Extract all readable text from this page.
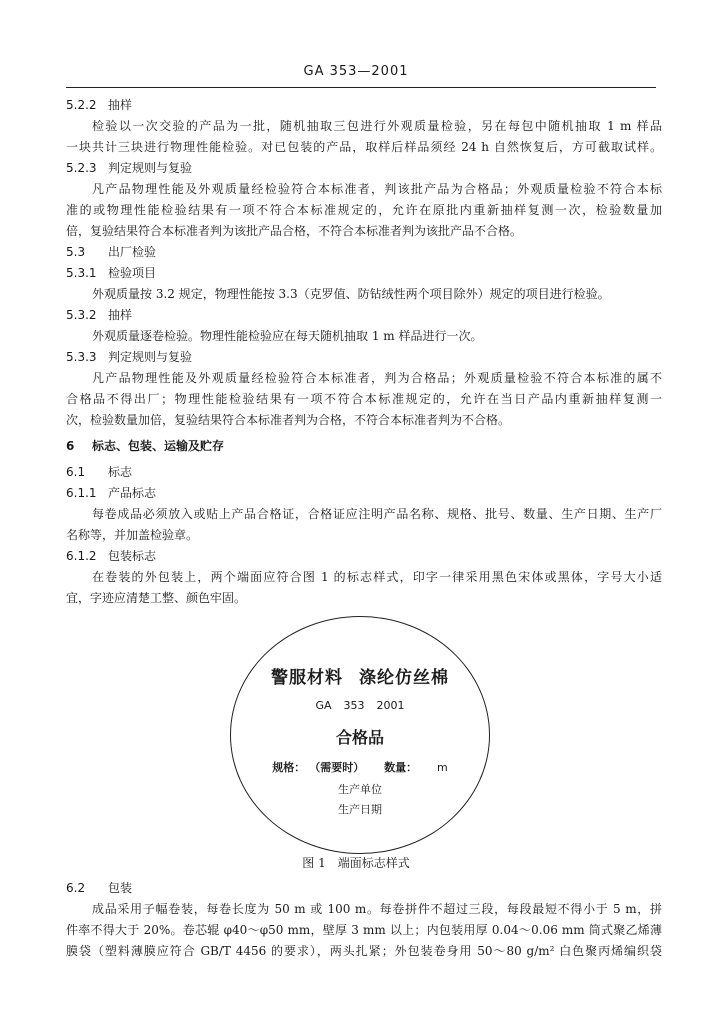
GA 353—2001
5.2.2 抽样
检验以一次交验的产品为一批，随机抽取三包进行外观质量检验，另在每包中随机抽取 1 m 样品
一块共计三块进行物理性能检验。对已包装的产品，取样后样品须经 24 h 自然恢复后，方可截取试样。
5.2.3 判定规则与复验
凡产品物理性能及外观质量经检验符合本标准者，判该批产品为合格品；外观质量检验不符合本标
准的或物理性能检验结果有一项不符合本标准规定的，允许在原批内重新抽样复测一次，检验数量加
倍，复验结果符合本标准者判为该批产品合格，不符合本标准者判为该批产品不合格。
5.3 出厂检验
5.3.1 检验项目
外观质量按 3.2 规定，物理性能按 3.3（克罗值、防钻绒性两个项目除外）规定的项目进行检验。
5.3.2 抽样
外观质量逐卷检验。物理性能检验应在每天随机抽取 1 m 样品进行一次。
5.3.3 判定规则与复验
凡产品物理性能及外观质量经检验符合本标准者，判为合格品；外观质量检验不符合本标准的属不
合格品不得出厂；物理性能检验结果有一项不符合本标准规定的，允许在当日产品内重新抽样复测一
次，检验数量加倍，复验结果符合本标准者判为合格，不符合本标准者判为不合格。
6 标志、包装、运输及贮存
6.1 标志
6.1.1 产品标志
每卷成品必须放入或贴上产品合格证，合格证应注明产品名称、规格、批号、数量、生产日期、生产厂
名称等，并加盖检验章。
6.1.2 包装标志
在卷装的外包装上，两个端面应符合图 1 的标志样式，印字一律采用黑色宋体或黑体，字号大小适
宜，字迹应清楚工整、颜色牢固。
警服材料 涤纶仿丝棉
GA 353 2001
合格品
规格： （需要时） 数量： m
生产单位
生产日期
图 1 端面标志样式
6.2 包装
成品采用子幅卷装，每卷长度为 50 m 或 100 m。每卷拼件不超过三段，每段最短不得小于 5 m，拼
件率不得大于 20%。卷芯辊 φ40～φ50 mm，壁厚 3 mm 以上；内包装用厚 0.04～0.06 mm 筒式聚乙烯薄
膜袋（塑料薄膜应符合 GB/T 4456 的要求），两头扎紧；外包装卷身用 50～80 g/m² 白色聚丙烯编织袋
